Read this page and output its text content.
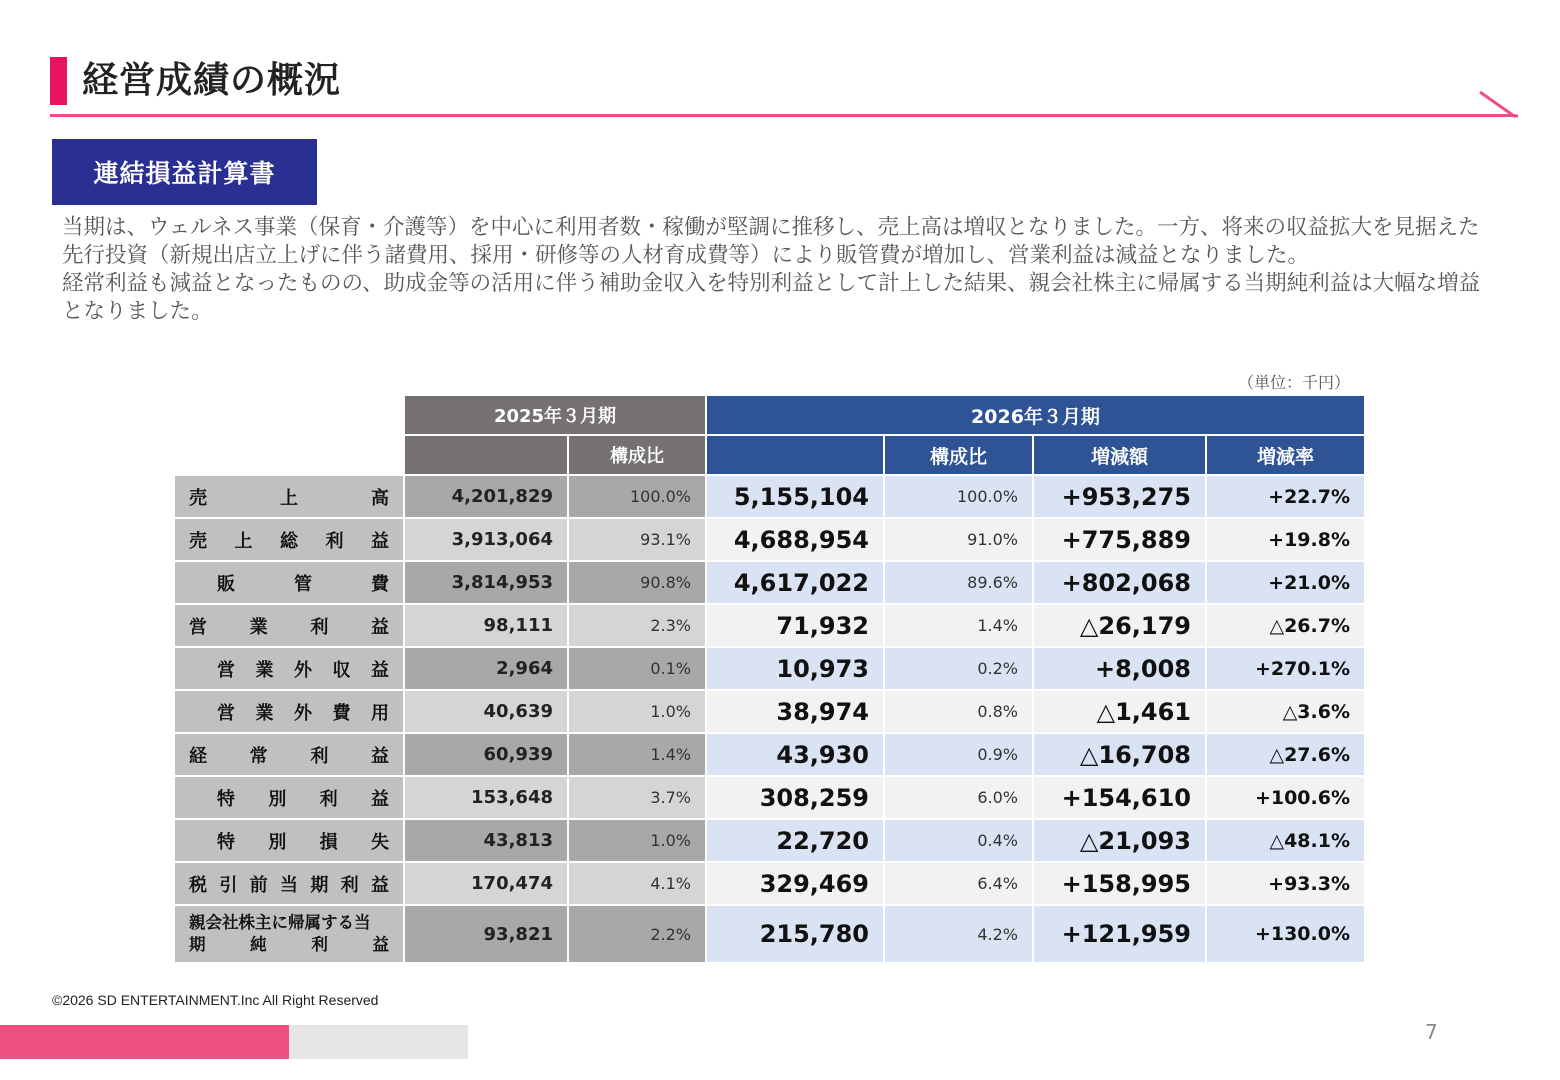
経営成績の概況
連結損益計算書

当期は、ウェルネス事業（保育・介護等）を中心に利用者数・稼働が堅調に推移し、売上高は増収となりました。一方、将来の収益拡大を見据えた先行投資（新規出店立上げに伴う諸費用、採用・研修等の人材育成費等）により販管費が増加し、営業利益は減益となりました。

経常利益も減益となったものの、助成金等の活用に伴う補助金収入を特別利益として計上した結果、親会社株主に帰属する当期純利益は大幅な増益となりました。

（単位：千円）
	2025年３月期		2026年３月期			
		構成比		構成比	増減額	増減率
売上高	4,201,829	100.0%	5,155,104	100.0%	+953,275	+22.7%
売上総利益	3,913,064	93.1%	4,688,954	91.0%	+775,889	+19.8%
販管費	3,814,953	90.8%	4,617,022	89.6%	+802,068	+21.0%
営業利益	98,111	2.3%	71,932	1.4%	△26,179	△26.7%
営業外収益	2,964	0.1%	10,973	0.2%	+8,008	+270.1%
営業外費用	40,639	1.0%	38,974	0.8%	△1,461	△3.6%
経常利益	60,939	1.4%	43,930	0.9%	△16,708	△27.6%
特別利益	153,648	3.7%	308,259	6.0%	+154,610	+100.6%
特別損失	43,813	1.0%	22,720	0.4%	△21,093	△48.1%
税引前当期利益	170,474	4.1%	329,469	6.4%	+158,995	+93.3%
親会社株主に帰属する当
期純利益	93,821	2.2%	215,780	4.2%	+121,959	+130.0%
©2026 SD ENTERTAINMENT.Inc All Right Reserved
7
